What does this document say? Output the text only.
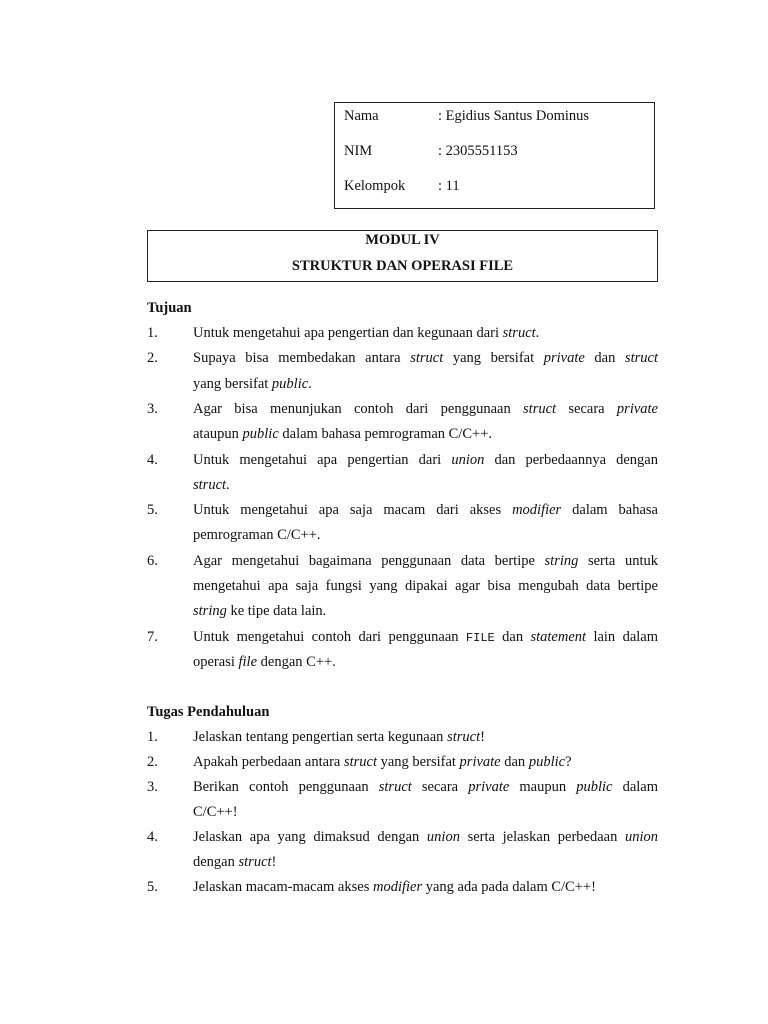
Nama	: Egidius Santus Dominus
NIM	: 2305551153
Kelompok : 11
MODUL IV
STRUKTUR DAN OPERASI FILE
Tujuan
1. Untuk mengetahui apa pengertian dan kegunaan dari struct.
2. Supaya bisa membedakan antara struct yang bersifat private dan struct
yang bersifat public.
3. Agar bisa menunjukan contoh dari penggunaan struct secara private
ataupun public dalam bahasa pemrograman C/C++.
4. Untuk mengetahui apa pengertian dari union dan perbedaannya dengan
struct.
5. Untuk mengetahui apa saja macam dari akses modifier dalam bahasa
pemrograman C/C++.
6. Agar mengetahui bagaimana penggunaan data bertipe string serta untuk
mengetahui apa saja fungsi yang dipakai agar bisa mengubah data bertipe
string ke tipe data lain.
7. Untuk mengetahui contoh dari penggunaan FILE dan statement lain dalam
operasi file dengan C++.
Tugas Pendahuluan
1. Jelaskan tentang pengertian serta kegunaan struct!
2. Apakah perbedaan antara struct yang bersifat private dan public?
3. Berikan contoh penggunaan struct secara private maupun public dalam
C/C++!
4. Jelaskan apa yang dimaksud dengan union serta jelaskan perbedaan union
dengan struct!
5. Jelaskan macam-macam akses modifier yang ada pada dalam C/C++!
